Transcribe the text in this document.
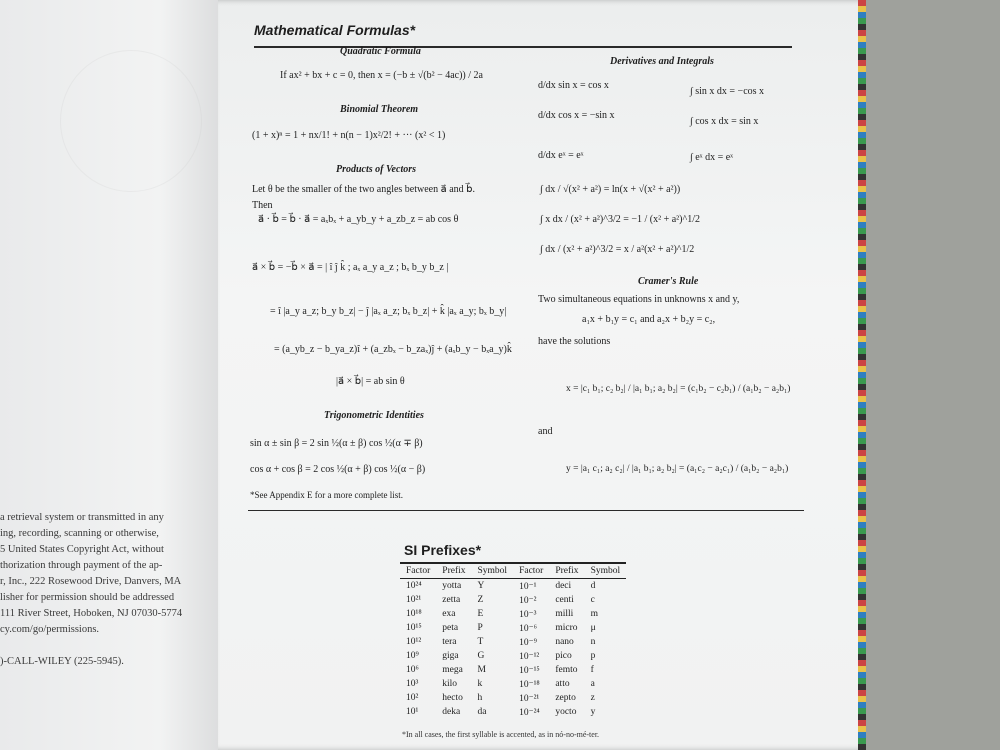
a retrieval system or transmitted in any
ing, recording, scanning or otherwise,
5 United States Copyright Act, without
thorization through payment of the ap-
r, Inc., 222 Rosewood Drive, Danvers, MA
lisher for permission should be addressed
111 River Street, Hoboken, NJ 07030-5774
cy.com/go/permissions.
)-CALL-WILEY (225-5945).
Mathematical Formulas*
Quadratic Formula
If ax² + bx + c = 0, then x = (−b ± √(b² − 4ac)) / 2a
Binomial Theorem
(1 + x)ⁿ = 1 + nx/1! + n(n − 1)x²/2! + ··· (x² < 1)
Products of Vectors
Let θ be the smaller of the two angles between a⃗ and b⃗.
Then
a⃗ · b⃗ = b⃗ · a⃗ = aₓbₓ + a_yb_y + a_zb_z = ab cos θ
a⃗ × b⃗ = −b⃗ × a⃗ = | î ĵ k̂ ; aₓ a_y a_z ; bₓ b_y b_z |
= î |a_y a_z; b_y b_z| − ĵ |aₓ a_z; bₓ b_z| + k̂ |aₓ a_y; bₓ b_y|
= (a_yb_z − b_ya_z)î + (a_zbₓ − b_zaₓ)ĵ + (aₓb_y − bₓa_y)k̂
|a⃗ × b⃗| = ab sin θ
Trigonometric Identities
sin α ± sin β = 2 sin ½(α ± β) cos ½(α ∓ β)
cos α + cos β = 2 cos ½(α + β) cos ½(α − β)
*See Appendix E for a more complete list.
Derivatives and Integrals
d/dx sin x = cos x
∫ sin x dx = −cos x
d/dx cos x = −sin x
∫ cos x dx = sin x
d/dx eˣ = eˣ	∫ eˣ dx = eˣ
∫ dx / √(x² + a²) = ln(x + √(x² + a²))
∫ x dx / (x² + a²)^3/2 = −1 / (x² + a²)^1/2
∫ dx / (x² + a²)^3/2 = x / a²(x² + a²)^1/2
Cramer's Rule
Two simultaneous equations in unknowns x and y,
a₁x + b₁y = c₁ and a₂x + b₂y = c₂,
have the solutions
x = |c₁ b₁; c₂ b₂| / |a₁ b₁; a₂ b₂| = (c₁b₂ − c₂b₁) / (a₁b₂ − a₂b₁)
and
y = |a₁ c₁; a₂ c₂| / |a₁ b₁; a₂ b₂| = (a₁c₂ − a₂c₁) / (a₁b₂ − a₂b₁)
SI Prefixes*
Factor	Prefix	Symbol	Factor	Prefix	Symbol
10²⁴	yotta	Y	10⁻¹	deci	d
10²¹	zetta	Z	10⁻²	centi	c
10¹⁸	exa	E	10⁻³	milli	m
10¹⁵	peta	P	10⁻⁶	micro	μ
10¹²	tera	T	10⁻⁹	nano	n
10⁹	giga	G	10⁻¹²	pico	p
10⁶	mega	M	10⁻¹⁵	femto	f
10³	kilo	k	10⁻¹⁸	atto	a
10²	hecto	h	10⁻²¹	zepto	z
10¹	deka	da	10⁻²⁴	yocto	y
*In all cases, the first syllable is accented, as in nó-no-mé-ter.
